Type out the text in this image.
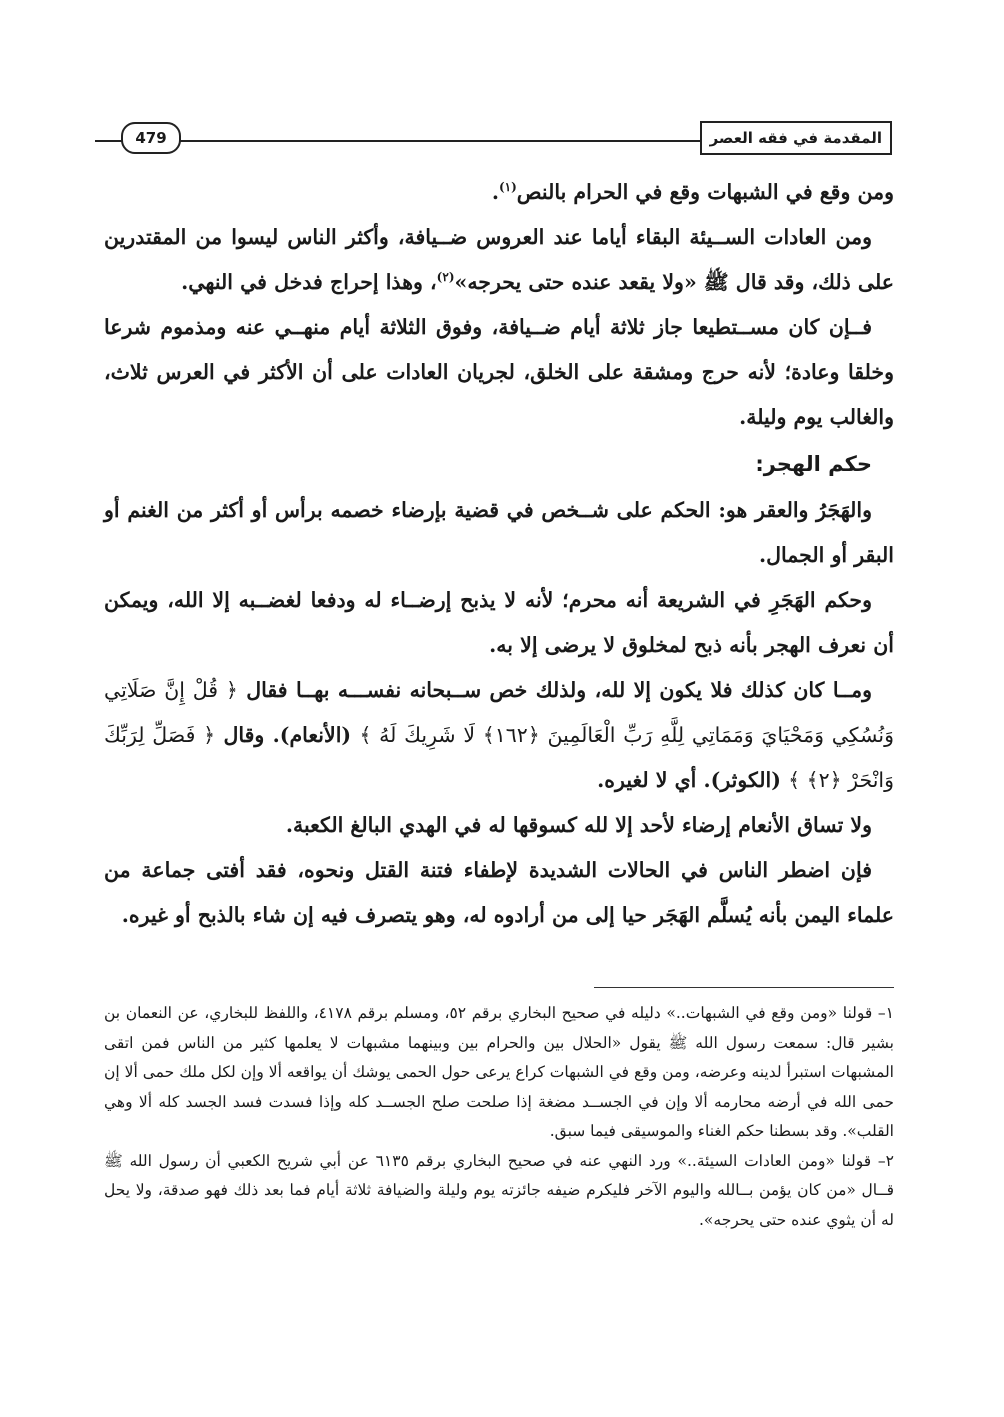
479	المقدمة في فقه العصر

ومن وقع في الشبهات وقع في الحرام بالنص$^{(١)}$.

ومن العادات الســيئة البقاء أياما عند العروس ضــيافة، وأكثر الناس ليسوا من المقتدرين على ذلك، وقد قال ﷺ «ولا يقعد عنده حتى يحرجه»$^{(٢)}$، وهذا إحراج فدخل في النهي.

فــإن كان مســتطيعا جاز ثلاثة أيام ضــيافة، وفوق الثلاثة أيام منهــي عنه ومذموم شرعا وخلقا وعادة؛ لأنه حرج ومشقة على الخلق، لجريان العادات على أن الأكثر في العرس ثلاث، والغالب يوم وليلة.

حكم الهجر:

والهَجَرُ والعقر هو: الحكم على شــخص في قضية بإرضاء خصمه برأس أو أكثر من الغنم أو البقر أو الجمال.

وحكم الهَجَرِ في الشريعة أنه محرم؛ لأنه لا يذبح إرضــاء له ودفعا لغضــبه إلا الله، ويمكن أن نعرف الهجر بأنه ذبح لمخلوق لا يرضى إلا به.

ومــا كان كذلك فلا يكون إلا لله، ولذلك خص ســبحانه نفســـه بهــا فقال ﴿ قُلْ إِنَّ صَلَاتِي وَنُسُكِي وَمَحْيَايَ وَمَمَاتِي لِلَّهِ رَبِّ الْعَالَمِينَ ﴿١٦٢﴾ لَا شَرِيكَ لَهُ ﴾ (الأنعام). وقال ﴿ فَصَلِّ لِرَبِّكَ وَانْحَرْ ﴿٢﴾ ﴾ (الكوثر). أي لا لغيره.

ولا تساق الأنعام إرضاء لأحد إلا لله كسوقها له في الهدي البالغ الكعبة.

فإن اضطر الناس في الحالات الشديدة لإطفاء فتنة القتل ونحوه، فقد أفتى جماعة من علماء اليمن بأنه يُسلَّم الهَجَر حيا إلى من أرادوه له، وهو يتصرف فيه إن شاء بالذبح أو غيره.

١– قولنا «ومن وقع في الشبهات..» دليله في صحيح البخاري برقم ٥٢، ومسلم برقم ٤١٧٨، واللفظ للبخاري، عن النعمان بن بشير قال: سمعت رسول الله ﷺ يقول «الحلال بين والحرام بين وبينهما مشبهات لا يعلمها كثير من الناس فمن اتقى المشبهات استبرأ لدينه وعرضه، ومن وقع في الشبهات كراع يرعى حول الحمى يوشك أن يواقعه ألا وإن لكل ملك حمى ألا إن حمى الله في أرضه محارمه ألا وإن في الجســد مضغة إذا صلحت صلح الجســد كله وإذا فسدت فسد الجسد كله ألا وهي القلب». وقد بسطنا حكم الغناء والموسيقى فيما سبق.

٢– قولنا «ومن العادات السيئة..» ورد النهي عنه في صحيح البخاري برقم ٦١٣٥ عن أبي شريح الكعبي أن رسول الله ﷺ قــال «من كان يؤمن بــالله واليوم الآخر فليكرم ضيفه جائزته يوم وليلة والضيافة ثلاثة أيام فما بعد ذلك فهو صدقة، ولا يحل له أن يثوي عنده حتى يحرجه».
